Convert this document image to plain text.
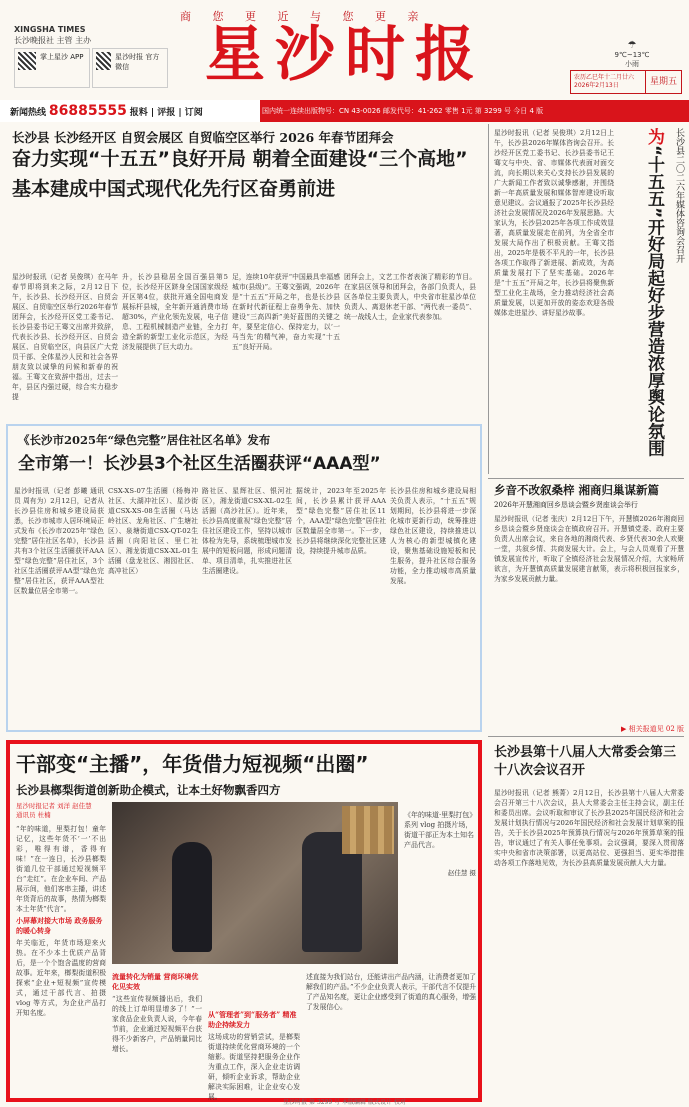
商 您 更 近 与 您 更 亲
XINGSHA TIMES
长沙晚报社 主管 主办
掌上星沙 APP	星沙时报 官方微信	星沙时报	☂
9℃~13℃
小雨
农历乙巳年十二月廿六 2026年2月13日	星期五
新闻热线 86885555 报料 | 评报 | 订阅	国内统一连续出版物号：CN 43-0026 邮发代号：41-262 零售 1元 第 3299 号 今日 4 版
长沙县 长沙经开区 自贸会展区 自贸临空区举行 2026 年春节团拜会
奋力实现“十五五”良好开局 朝着全面建设“三个高地”
基本建成中国式现代化先行区奋勇前进
星沙时报讯（记者 吴俊琪）在马年春节即将到来之际，2月12日下午，长沙县、长沙经开区、自贸会展区、自贸临空区举行2026年春节团拜会，长沙经开区党工委书记、长沙县委书记王骞文出席并致辞，代表长沙县、长沙经开区、自贸会展区、自贸临空区，向县区广大党员干部、全体星沙人民和社会各界朋友致以诚挚的问候和新春的祝福。王骞文在致辞中指出，过去一年，县区内强过硬，综合实力稳步提
升，长沙县稳居全国百强县第5位，长沙经开区跻身全国国家级经开区第4位，获批开通全国电商发展标杆县城，全年新开通消费市场超30%，产业化领先发展，电子信息、工程机械制造产业链，全力打造全新的新型工业化示范区，为经济发展提供了巨大动力。
足，连续10年获评“中国最具幸福感城市(县级)”。王骞文强调，2026年是“十五五”开局之年，也是长沙县在新时代新征程上奋勇争先、加快建设“三高四新”美好蓝图的关键之年，要坚定信心、保持定力，以‘一马当先’的精气神，奋力实现“十五五”良好开局。
团拜会上，文艺工作者表演了精彩的节目。在家县区领导和团拜会，各部门负责人，县区各单位主要负责人，中央省市驻星沙单位负责人、离退休老干部、“两代表一委员”、统一战线人士，企业家代表参加。
星沙时报讯（记者 吴俊琪）2月12日上午，长沙县2026年媒体咨询会召开。长沙经开区党工委书记、长沙县委书记王骞文与中央、省、市媒体代表面对面交流，向长期以来关心支持长沙县发展的广大新闻工作者致以诚挚感谢，并围绕新一年高质量发展和媒体智库建设听取意见建议。会议通报了2025年长沙县经济社会发展情况及2026年发展思路。大家认为，长沙县2025年各项工作成效显著，高质量发展走在前列，为全省全市发展大局作出了积极贡献。王骞文指出，2025年是极不平凡的一年，长沙县各项工作取得了新进展、新成效，为高质量发展打下了坚实基础。2026年是“十五五”开局之年，长沙县将聚焦新型工业化主战场，全力推动经济社会高质量发展，以更加开放的姿态欢迎各级媒体走进星沙、讲好星沙故事。
为“十五五”开好局起好步营造浓厚舆论氛围	长沙县二〇二六年媒体咨询会召开
《长沙市2025年“绿色完整”居住社区名单》发布
全市第一！长沙县3个社区生活圈获评“AAA型”
星沙时报讯（记者 彭曦 通讯员 周有为）2月12日，记者从长沙县住房和城乡建设局获悉，长沙市城市人居环境局正式发布《长沙市2025年“绿色完整”居住社区名单》，长沙县共有3个社区生活圈获评AAA型“绿色完整”居住社区，3个社区生活圈获评AA型“绿色完整”居住社区，获评AAA型社区数量位居全市第一。
CSX-XS-07生活圈（杨梅冲社区、大湖冲社区）、星沙街道CSX-XS-08生活圈（马达岭社区、龙角社区、广生塘社区）、泉塘街道CSX-QT-02生活圈（向阳社区、里仁社区）、湘龙街道CSX-XL-01生活圈（盘龙社区、湘园社区、高冲社区）
路社区、星辉社区、银河社区），湘龙街道CSX-XL-02生活圈（高沙社区）。近年来，长沙县高度重视“绿色完整”居住社区建设工作，坚持以城市体检为先导，系统梳理城市发展中的短板问题，形成问题清单、项目清单，扎实推进社区生活圈建设。
据统计，2023年至2025年间，长沙县累计获评AAA型“绿色完整”居住社区11个，AAA型“绿色完整”居住社区数量居全市第一。下一步，长沙县将继续深化完整社区建设，持续提升城市品质。
长沙县住房和城乡建设局相关负责人表示，“十五五”规划期间，长沙县将进一步深化城市更新行动，统筹推进绿色社区建设，持续推进以人为核心的新型城镇化建设，聚焦基础设施短板和民生服务，提升社区综合服务功能，全力推动城市高质量发展。
乡音不改叙桑梓 湘商归巢谋新篇
2026年开慧湘商回乡恳谈会暨乡贤座谈会举行
星沙时报讯（记者 张庆）2月12日下午，开慧镇2026年湘商回乡恳谈会暨乡贤座谈会在镇政府召开。开慧镇党委、政府主要负责人出席会议，来自各地的湘商代表、乡贤代表30余人欢聚一堂，共叙乡情、共商发展大计。会上，与会人员观看了开慧镇发展宣传片，听取了全镇经济社会发展情况介绍，大家畅所欲言，为开慧镇高质量发展建言献策，表示将积极回报家乡，为家乡发展贡献力量。
▶ 相关报道见 02 版
干部变“主播”，年货借力短视频“出圈”
长沙县榔梨街道创新助企模式，让本土好物飘香四方
星沙时报记者 刘洋 赵佳慧
通讯员 杜楠
“年的味道，里梨打包！童年记忆，这些年货不‘一’不出彩，唯得有谱，香得有味！”在一连日，长沙县榔梨街道几位干部通过短视频平台“走红”。在企业车间、产品展示间，他们客串主播，讲述年货背后的故事，热情为榔梨本土年货“代言”。
《年的味道·里梨打包》系列 vlog 拍摄片场，街道干部正为本土知名产品代言。
赵佳慧 摄
小屏幕对接大市场 政务服务的暖心转身
年关临近，年货市场迎来火热。在不少本土优质产品背后，是一个个饱含温度的营商故事。近年来，榔梨街道积极探索“企业+短视频”宣传模式，通过干部代言、拍摄 vlog 等方式，为企业产品打开知名度。
流量转化为销量 营商环境优化见实效
“这些宣传视频播出后，我们的线上订单明显增多了！”一家食品企业负责人说，今年春节前，企业通过短视频平台获得不少新客户，产品销量同比增长。
从“管理者”到“服务者” 精准助企持续发力
这场成功的营销尝试，是榔梨街道持续优化营商环境的一个缩影。街道坚持把服务企业作为重点工作，深入企业走访调研，倾听企业诉求，帮助企业解决实际困难，让企业安心发展。
述直接为我们站台，还能讲出产品内涵，让消费者更加了解我们的产品。”不少企业负责人表示，干部代言不仅提升了产品知名度，更让企业感受到了街道的真心服务，增强了发展信心。
长沙县第十八届人大常委会第三十八次会议召开
星沙时报讯（记者 熊菁）2月12日，长沙县第十八届人大常委会召开第三十八次会议，县人大常委会主任主持会议，副主任和委员出席。会议听取和审议了长沙县2025年国民经济和社会发展计划执行情况与2026年国民经济和社会发展计划草案的报告，关于长沙县2025年预算执行情况与2026年预算草案的报告，审议通过了有关人事任免事项。会议强调，要深入贯彻落实中央和省市决策部署，以更高站位、更强担当、更实举措推动各项工作落地见效，为长沙县高质量发展贡献人大力量。
星沙时报 第 3299 号 本版编辑 版式设计 校对
